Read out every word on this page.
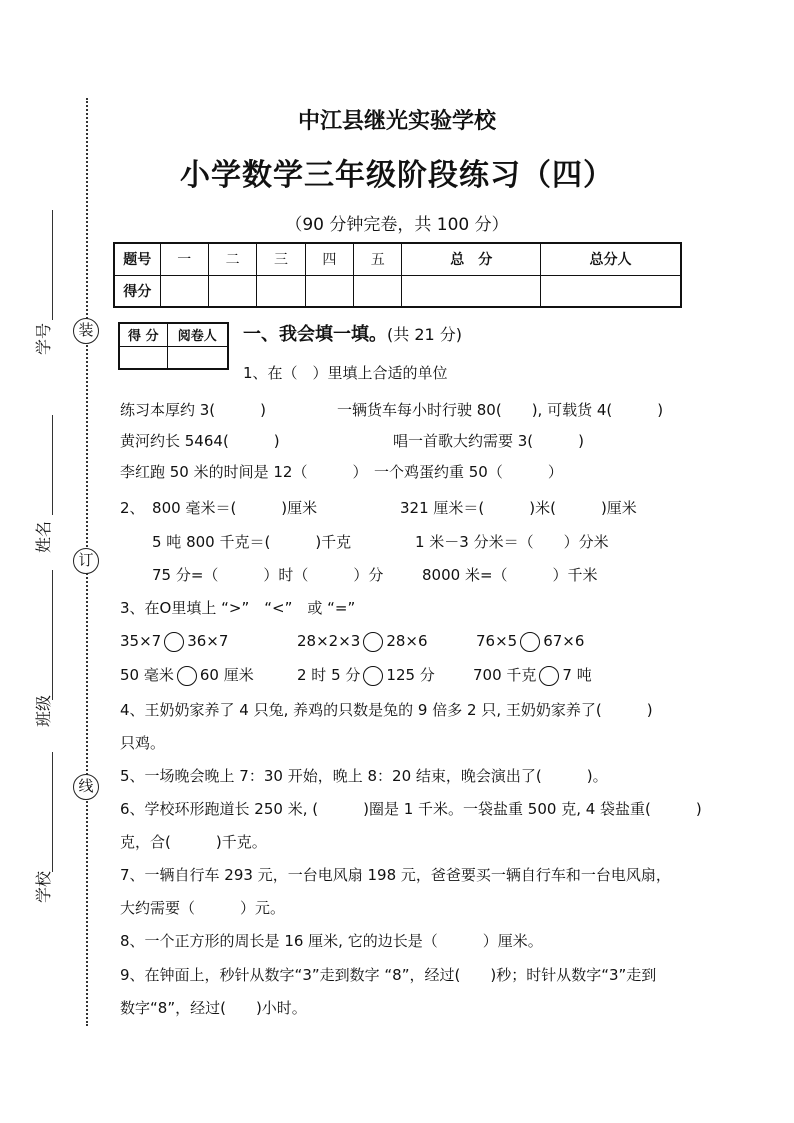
装
订
线
学号
姓名
班级
学校
中江县继光实验学校
小学数学三年级阶段练习（四）
（90 分钟完卷，共 100 分）
题号	一	二	三	四	五	总　分	总分人
得分							
得 分	阅卷人
	一、我会填一填。(共 21 分)
1、在（　）里填上合适的单位
练习本厚约 3(　　　)	一辆货车每小时行驶 80(　　), 可载货 4(　　　)
黄河约长 5464(　　　)	唱一首歌大约需要 3(　　　)
李红跑 50 米的时间是 12（　　　） 一个鸡蛋约重 50（　　　）
2、　800 毫米＝(　　　)厘米	321 厘米＝(　　　)米(　　　)厘米
5 吨 800 千克＝(　　　)千克	1 米－3 分米＝（　　）分米
75 分=（　　　）时（　　　）分	8000 米=（　　　）千米
3、在O里填上 “>”　“<”　或 “=”
35×7 36×7	28×2×3 28×6	76×5 67×6
50 毫米 60 厘米	2 时 5 分 125 分	700 千克 7 吨
4、王奶奶家养了 4 只兔, 养鸡的只数是兔的 9 倍多 2 只, 王奶奶家养了(　　　)
只鸡。
5、一场晚会晚上 7：30 开始，晚上 8：20 结束，晚会演出了(　　　)。
6、学校环形跑道长 250 米, (　　　)圈是 1 千米。一袋盐重 500 克, 4 袋盐重(　　　)
克，合(　　　)千克。
7、一辆自行车 293 元，一台电风扇 198 元，爸爸要买一辆自行车和一台电风扇，
大约需要（　　　）元。
8、一个正方形的周长是 16 厘米, 它的边长是（　　　）厘米。
9、在钟面上，秒针从数字“3”走到数字 “8”，经过(　　)秒；时针从数字“3”走到
数字“8”，经过(　　)小时。
